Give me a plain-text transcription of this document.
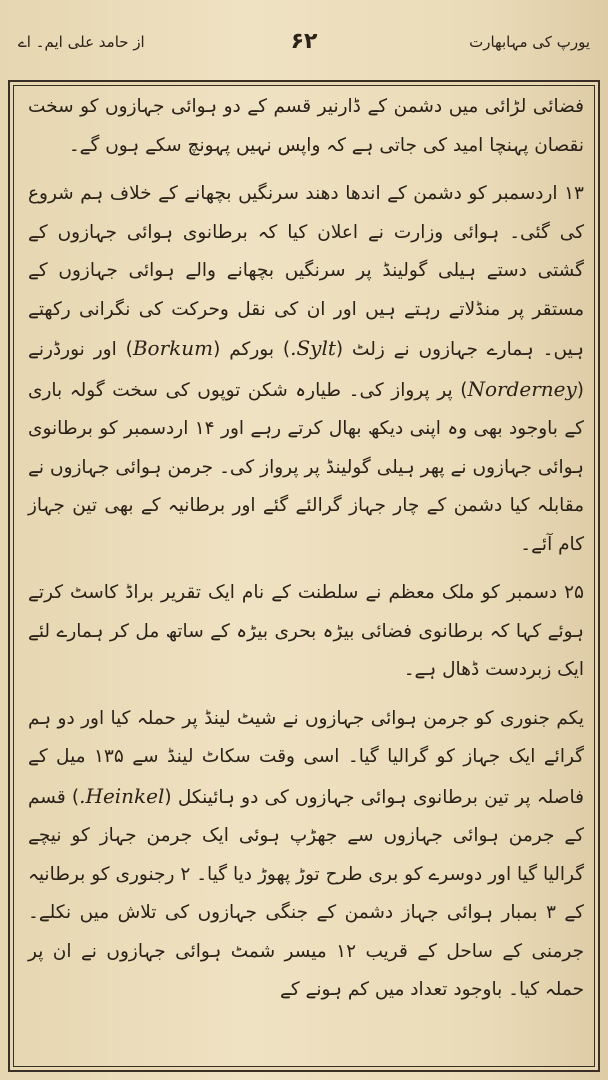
یورپ کی مہابھارت
۶۲
از حامد علی ایم۔ اے

فضائی لڑائی میں دشمن کے ڈارنیر قسم کے دو ہوائی جہازوں کو سخت نقصان پہنچا امید کی جاتی ہے کہ واپس نہیں پہونچ سکے ہوں گے۔

۱۳ اردسمبر کو دشمن کے اندھا دھند سرنگیں بچھانے کے خلاف ہم شروع کی گئی۔ ہوائی وزارت نے اعلان کیا کہ برطانوی ہوائی جہازوں کے گشتی دستے ہیلی گولینڈ پر سرنگیں بچھانے والے ہوائی جہازوں کے مستقر پر منڈلاتے رہتے ہیں اور ان کی نقل وحرکت کی نگرانی رکھتے ہیں۔ ہمارے جہازوں نے زلٹ (Sylt.) بورکم (Borkum) اور نورڈرنے (Norderney) پر پرواز کی۔ طیارہ شکن توپوں کی سخت گولہ باری کے باوجود بھی وہ اپنی دیکھ بھال کرتے رہے اور ۱۴ اردسمبر کو برطانوی ہوائی جہازوں نے پھر ہیلی گولینڈ پر پرواز کی۔ جرمن ہوائی جہازوں نے مقابلہ کیا دشمن کے چار جہاز گرالئے گئے اور برطانیہ کے بھی تین جہاز کام آئے۔

۲۵ دسمبر کو ملک معظم نے سلطنت کے نام ایک تقریر براڈ کاسٹ کرتے ہوئے کہا کہ برطانوی فضائی بیڑہ بحری بیڑہ کے ساتھ مل کر ہمارے لئے ایک زبردست ڈھال ہے۔

یکم جنوری کو جرمن ہوائی جہازوں نے شیٹ لینڈ پر حملہ کیا اور دو ہم گرائے ایک جہاز کو گرالیا گیا۔ اسی وقت سکاٹ لینڈ سے ۱۳۵ میل کے فاصلہ پر تین برطانوی ہوائی جہازوں کی دو ہائینکل (Heinkel.) قسم کے جرمن ہوائی جہازوں سے جھڑپ ہوئی ایک جرمن جہاز کو نیچے گرالیا گیا اور دوسرے کو بری طرح توڑ پھوڑ دیا گیا۔ ۲ رجنوری کو برطانیہ کے ۳ بمبار ہوائی جہاز دشمن کے جنگی جہازوں کی تلاش میں نکلے۔ جرمنی کے ساحل کے قریب ۱۲ میسر شمٹ ہوائی جہازوں نے ان پر حملہ کیا۔ باوجود تعداد میں کم ہونے کے
